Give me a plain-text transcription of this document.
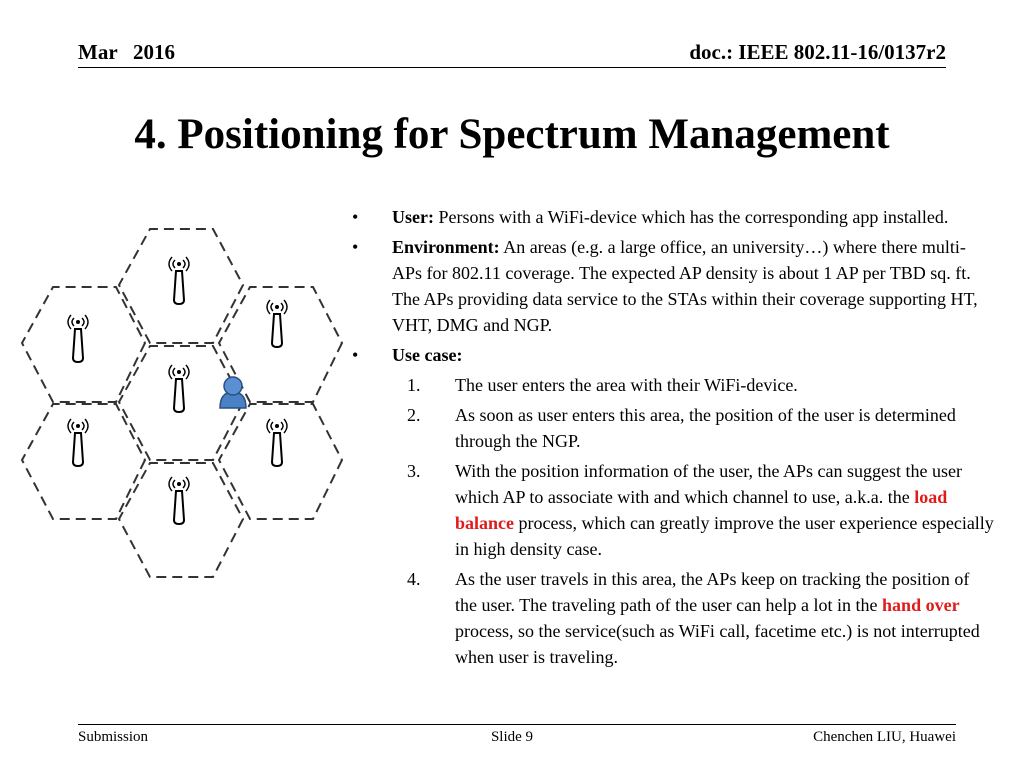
Mar   2016	doc.: IEEE 802.11-16/0137r2
4. Positioning for Spectrum Management
• User: Persons with a WiFi-device which has the corresponding app installed.
• Environment: An areas (e.g. a large office, an university…) where there multi-APs for 802.11 coverage. The expected AP density is about 1 AP per TBD sq. ft. The APs providing data service to the STAs within their coverage supporting HT, VHT, DMG and NGP.
• Use case:
1. The user enters the area with their WiFi-device.
2. As soon as user enters this area, the position of the user is determined through the NGP.
3. With the position information of the user, the APs can suggest the user which AP to associate with and which channel to use, a.k.a. the load balance process, which can greatly improve the user experience especially in high density case.
4. As the user travels in this area, the APs keep on tracking the position of the user. The traveling path of the user can help a lot in the hand over process, so the service(such as WiFi call, facetime etc.) is not interrupted when user is traveling.
Submission	Slide 9	Chenchen LIU, Huawei
